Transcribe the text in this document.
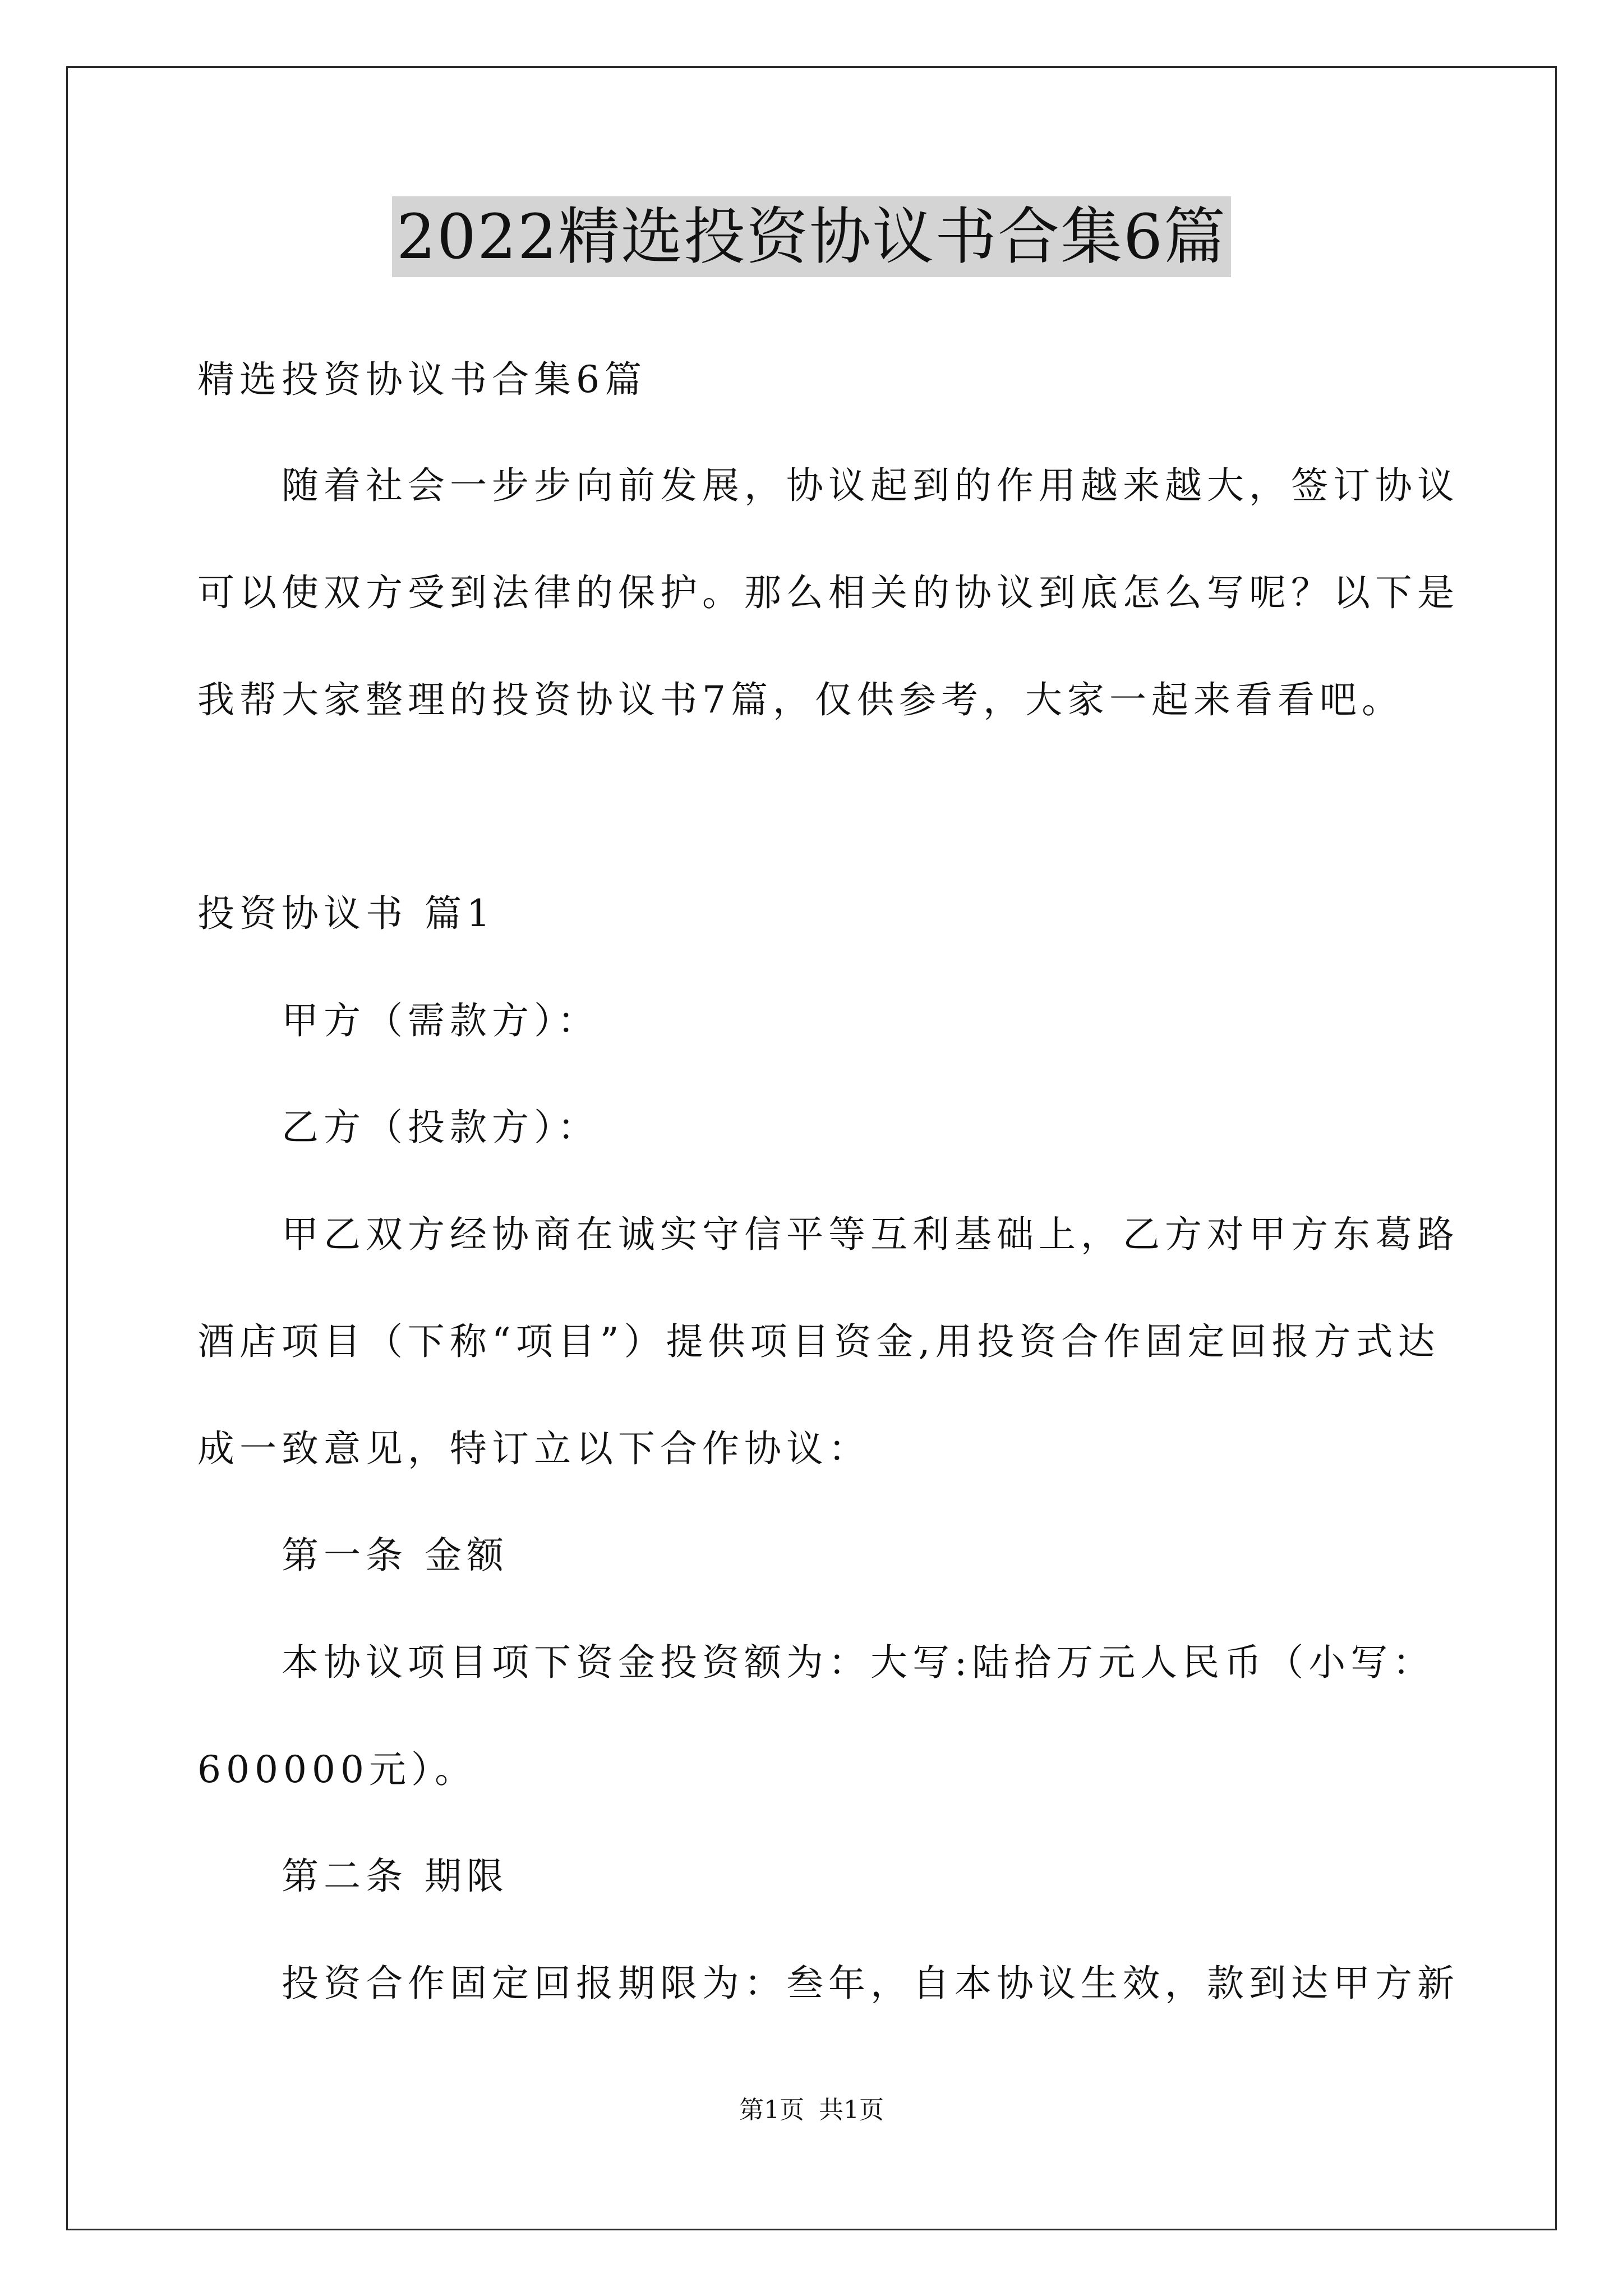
2022精选投资协议书合集6篇
精选投资协议书合集6篇
随着社会一步步向前发展，协议起到的作用越来越大，签订协议
可以使双方受到法律的保护。那么相关的协议到底怎么写呢？以下是
我帮大家整理的投资协议书7篇，仅供参考，大家一起来看看吧。
投资协议书 篇1
甲方（需款方）：
乙方（投款方）：
甲乙双方经协商在诚实守信平等互利基础上，乙方对甲方东葛路
酒店项目（下称“项目”）提供项目资金,用投资合作固定回报方式达
成一致意见，特订立以下合作协议：
第一条 金额
本协议项目项下资金投资额为：大写:陆拾万元人民币（小写：
600000元）。
第二条 期限
投资合作固定回报期限为：叁年，自本协议生效，款到达甲方新
第1页 共1页
